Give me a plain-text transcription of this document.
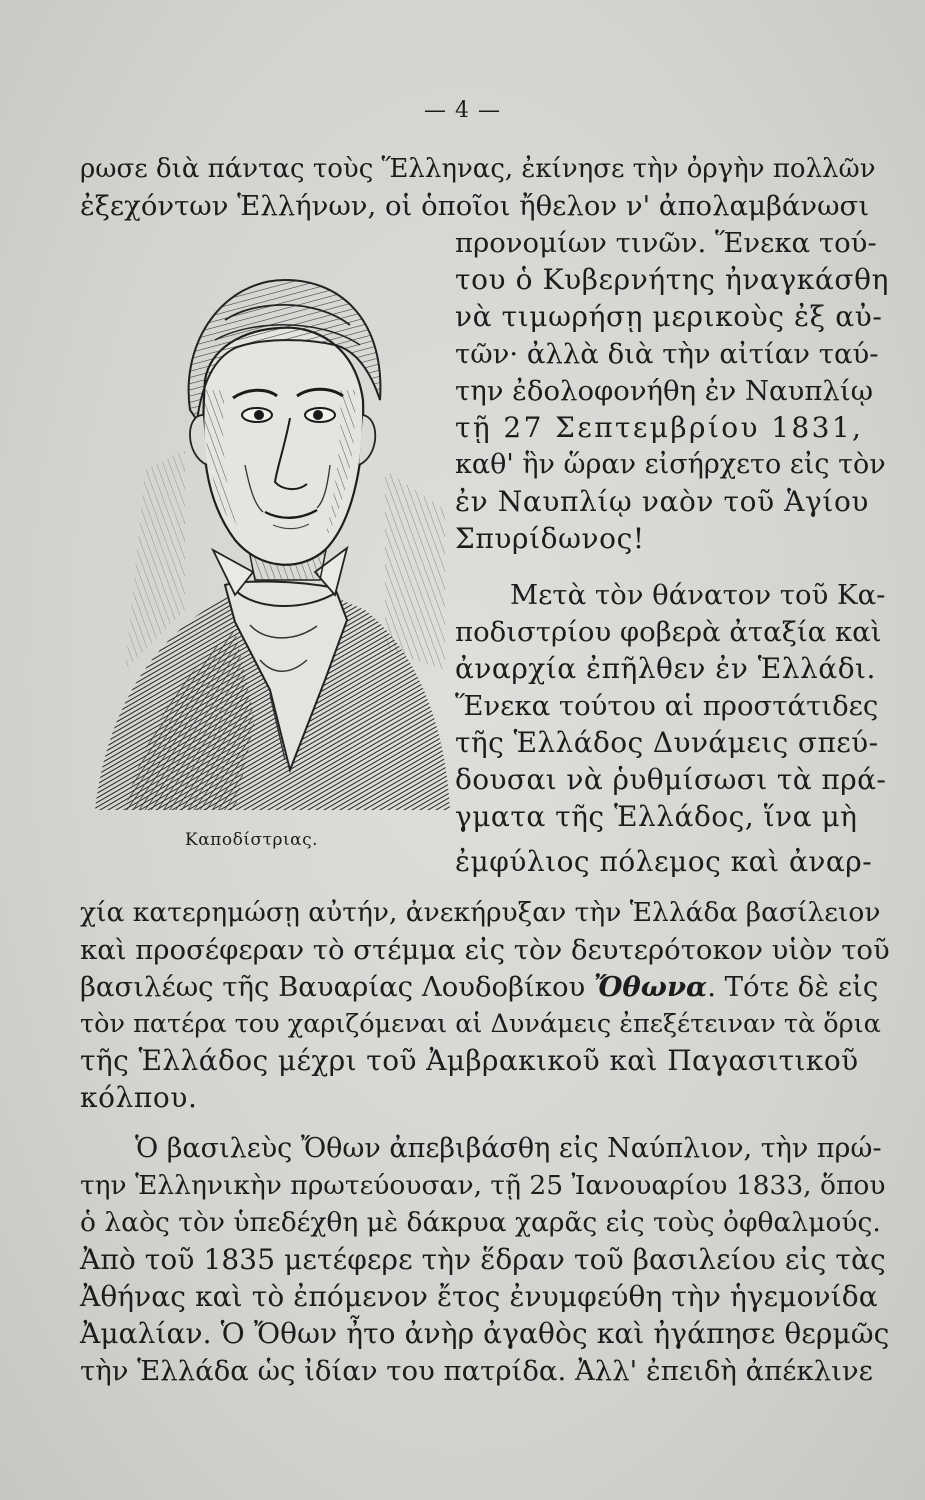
— 4 —
Καποδίστριας.
ρωσε διὰ πάντας τοὺς Ἕλληνας, ἐκίνησε τὴν ὀργὴν πολλῶν
ἐξεχόντων Ἑλλήνων, οἱ ὁποῖοι ἤθελον ν' ἀπολαμβάνωσι
προνομίων τινῶν. Ἕνεκα τού-
του ὁ Κυβερνήτης ἠναγκάσθη
νὰ τιμωρήσῃ μερικοὺς ἐξ αὐ-
τῶν· ἀλλὰ διὰ τὴν αἰτίαν ταύ-
την ἐδολοφονήθη ἐν Ναυπλίῳ
τῇ 27 Σεπτεμβρίου 1831,
καθ' ἣν ὥραν εἰσήρχετο εἰς τὸν
ἐν Ναυπλίῳ ναὸν τοῦ Ἁγίου
Σπυρίδωνος!
Μετὰ τὸν θάνατον τοῦ Κα-
ποδιστρίου φοβερὰ ἀταξία καὶ
ἀναρχία ἐπῆλθεν ἐν Ἑλλάδι.
Ἕνεκα τούτου αἱ προστάτιδες
τῆς Ἑλλάδος Δυνάμεις σπεύ-
δουσαι νὰ ῥυθμίσωσι τὰ πρά-
γματα τῆς Ἑλλάδος, ἵνα μὴ
ἐμφύλιος πόλεμος καὶ ἀναρ-
χία κατερημώσῃ αὐτήν, ἀνεκήρυξαν τὴν Ἑλλάδα βασίλειον
καὶ προσέφεραν τὸ στέμμα εἰς τὸν δευτερότοκον υἱὸν τοῦ
βασιλέως τῆς Βαυαρίας Λουδοβίκου Ὄθωνα. Τότε δὲ εἰς
τὸν πατέρα του χαριζόμεναι αἱ Δυνάμεις ἐπεξέτειναν τὰ ὅρια
τῆς Ἑλλάδος μέχρι τοῦ Ἀμβρακικοῦ καὶ Παγασιτικοῦ
κόλπου.
Ὁ βασιλεὺς Ὄθων ἀπεβιβάσθη εἰς Ναύπλιον, τὴν πρώ-
την Ἑλληνικὴν πρωτεύουσαν, τῇ 25 Ἰανουαρίου 1833, ὅπου
ὁ λαὸς τὸν ὑπεδέχθη μὲ δάκρυα χαρᾶς εἰς τοὺς ὀφθαλμούς.
Ἀπὸ τοῦ 1835 μετέφερε τὴν ἕδραν τοῦ βασιλείου εἰς τὰς
Ἀθήνας καὶ τὸ ἐπόμενον ἔτος ἐνυμφεύθη τὴν ἡγεμονίδα
Ἀμαλίαν. Ὁ Ὄθων ἦτο ἀνὴρ ἀγαθὸς καὶ ἠγάπησε θερμῶς
τὴν Ἑλλάδα ὡς ἰδίαν του πατρίδα. Ἀλλ' ἐπειδὴ ἀπέκλινε
